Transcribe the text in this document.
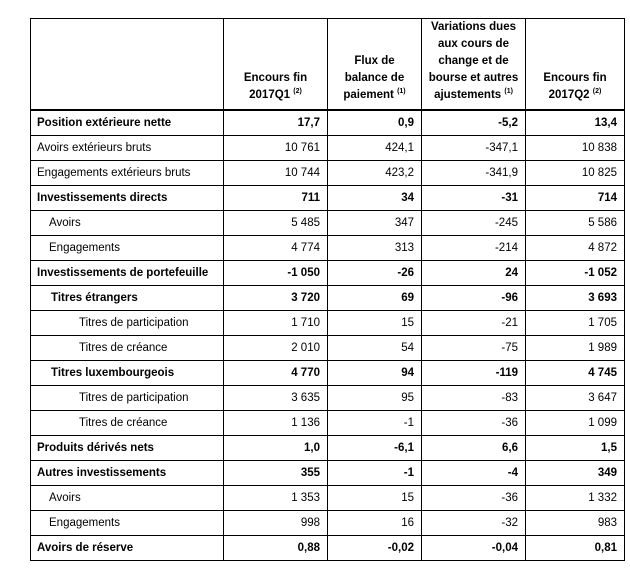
	Encours fin 2017Q1 $^{(2)}$	Flux de balance de paiement $^{(1)}$	Variations dues aux cours de change et de bourse et autres ajustements $^{(1)}$	Encours fin 2017Q2 $^{(2)}$
Position extérieure nette	17,7	0,9	-5,2	13,4
Avoirs extérieurs bruts	10 761	424,1	-347,1	10 838
Engagements extérieurs bruts	10 744	423,2	-341,9	10 825
Investissements directs	711	34	-31	714
Avoirs	5 485	347	-245	5 586
Engagements	4 774	313	-214	4 872
Investissements de portefeuille	-1 050	-26	24	-1 052
Titres étrangers	3 720	69	-96	3 693
Titres de participation	1 710	15	-21	1 705
Titres de créance	2 010	54	-75	1 989
Titres luxembourgeois	4 770	94	-119	4 745
Titres de participation	3 635	95	-83	3 647
Titres de créance	1 136	-1	-36	1 099
Produits dérivés nets	1,0	-6,1	6,6	1,5
Autres investissements	355	-1	-4	349
Avoirs	1 353	15	-36	1 332
Engagements	998	16	-32	983
Avoirs de réserve	0,88	-0,02	-0,04	0,81
